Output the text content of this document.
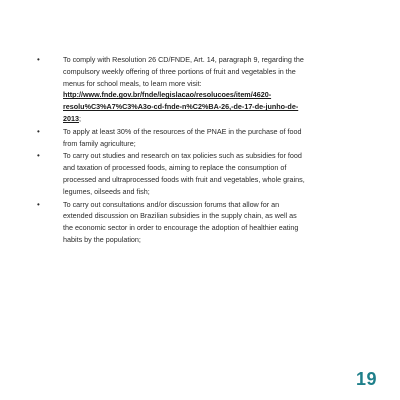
•	To comply with Resolution 26 CD/FNDE, Art. 14, paragraph 9, regarding the compulsory weekly offering of three portions of fruit and vegetables in the menus for school meals, to learn more visit: http://www.fnde.gov.br/fnde/legislacao/resolucoes/item/4620-resolu%C3%A7%C3%A3o-cd-fnde-n%C2%BA-26,-de-17-de-junho-de-2013;
•	To apply at least 30% of the resources of the PNAE in the purchase of food from family agriculture;
•	To carry out studies and research on tax policies such as subsidies for food and taxation of processed foods, aiming to replace the consumption of processed and ultraprocessed foods with fruit and vegetables, whole grains, legumes, oilseeds and fish;
•	To carry out consultations and/or discussion forums that allow for an extended discussion on Brazilian subsidies in the supply chain, as well as the economic sector in order to encourage the adoption of healthier eating habits by the population;
19
